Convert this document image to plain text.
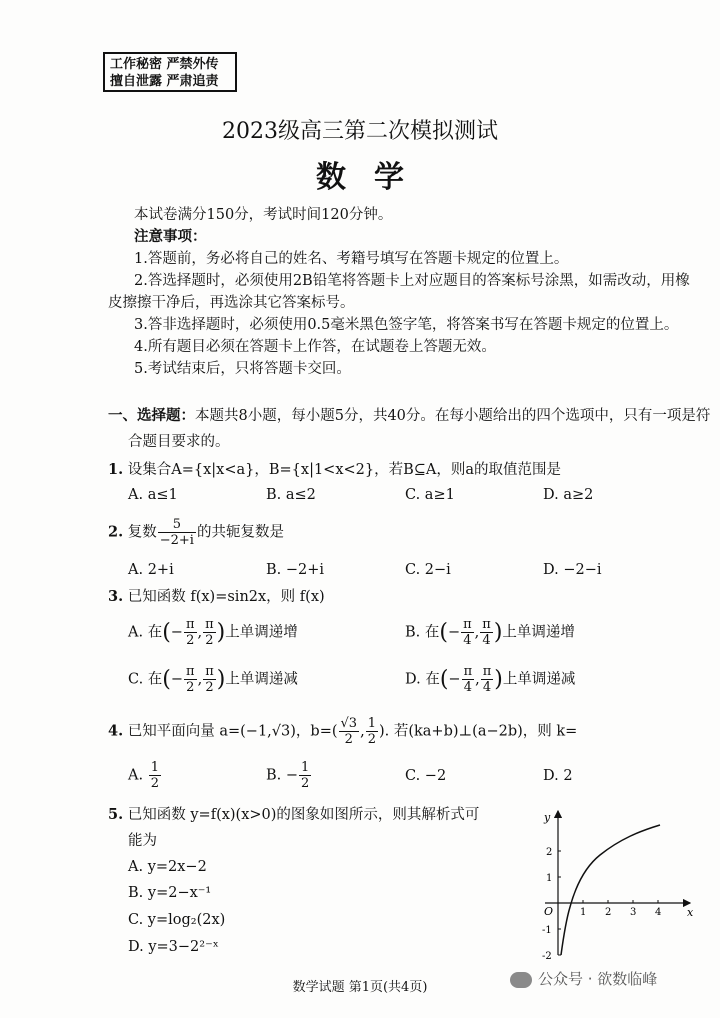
工作秘密 严禁外传
擅自泄露 严肃追责
2023级高三第二次模拟测试
数学
本试卷满分150分，考试时间120分钟。
注意事项：
1.答题前，务必将自己的姓名、考籍号填写在答题卡规定的位置上。
2.答选择题时，必须使用2B铅笔将答题卡上对应题目的答案标号涂黑，如需改动，用橡
皮擦擦干净后，再选涂其它答案标号。
3.答非选择题时，必须使用0.5毫米黑色签字笔，将答案书写在答题卡规定的位置上。
4.所有题目必须在答题卡上作答，在试题卷上答题无效。
5.考试结束后，只将答题卡交回。
一、选择题：本题共8小题，每小题5分，共40分。在每小题给出的四个选项中，只有一项是符
合题目要求的。
1. 设集合A={x|x<a}，B={x|1<x<2}，若B⊆A，则a的取值范围是
A. a≤1	B. a≤2	C. a≥1	D. a≥2
2. 复数 $\frac{5}{-2+i}$ 的共轭复数是
A. 2+i	B. −2+i	C. 2−i	D. −2−i
3. 已知函数 f(x)=sin2x，则 f(x)
A. 在(− $\frac{\pi}{2}$ , $\frac{\pi}{2}$ )上单调递增	B. 在(− $\frac{\pi}{4}$ , $\frac{\pi}{4}$ )上单调递增
C. 在(− $\frac{\pi}{2}$ , $\frac{\pi}{2}$ )上单调递减	D. 在(− $\frac{\pi}{4}$ , $\frac{\pi}{4}$ )上单调递减
4. 已知平面向量 a=(−1,√3)，$b=( \frac{√3}{2}$ , $\frac{1}{2}$ ). 若(ka+b)⊥(a−2b)，则 k=
A. $\frac{1}{2}$	B. − $\frac{1}{2}$	C. −2	D. 2
5. 已知函数 y=f(x)(x>0)的图象如图所示，则其解析式可
能为
A. y=2x−2
B. y=2−x⁻¹
C. y=log₂(2x)
D. y=3−2²⁻ˣ
x
y
O	1 2 3 4
2
1
-1
-2
数学试题 第1页(共4页)	公众号 · 欲数临峰
